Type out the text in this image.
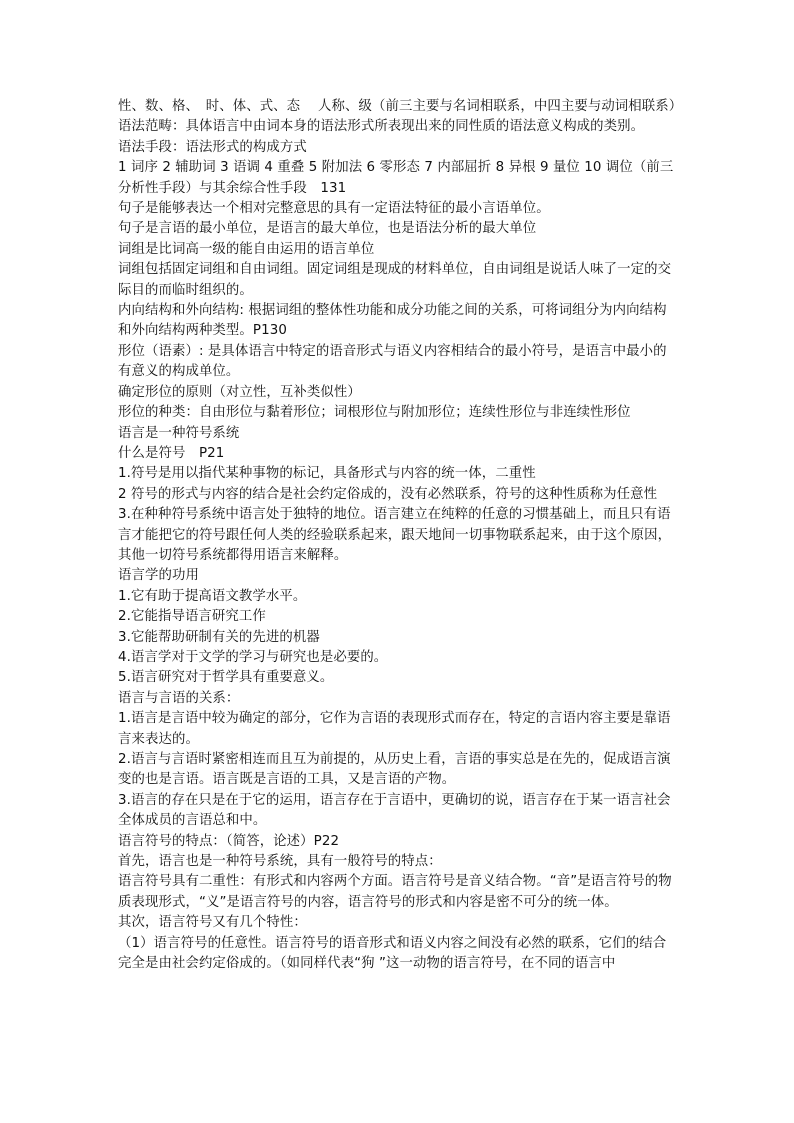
性、数、格、　时、体、式、态　 人称、级（前三主要与名词相联系，中四主要与动词相联系）

语法范畴：具体语言中由词本身的语法形式所表现出来的同性质的语法意义构成的类别。

语法手段：语法形式的构成方式

1 词序 2 辅助词 3 语调 4 重叠 5 附加法 6 零形态 7 内部屈折 8 异根 9 量位 10 调位（前三分析性手段）与其余综合性手段　131

句子是能够表达一个相对完整意思的具有一定语法特征的最小言语单位。

句子是言语的最小单位，是语言的最大单位，也是语法分析的最大单位

词组是比词高一级的能自由运用的语言单位

词组包括固定词组和自由词组。固定词组是现成的材料单位，自由词组是说话人味了一定的交际目的而临时组织的。

内向结构和外向结构: 根据词组的整体性功能和成分功能之间的关系，可将词组分为内向结构和外向结构两种类型。P130

形位（语素）: 是具体语言中特定的语音形式与语义内容相结合的最小符号，是语言中最小的有意义的构成单位。

确定形位的原则（对立性，互补类似性）

形位的种类：自由形位与黏着形位；词根形位与附加形位；连续性形位与非连续性形位

语言是一种符号系统

什么是符号　P21

1.符号是用以指代某种事物的标记，具备形式与内容的统一体，二重性

2 符号的形式与内容的结合是社会约定俗成的，没有必然联系，符号的这种性质称为任意性

3.在种种符号系统中语言处于独特的地位。语言建立在纯粹的任意的习惯基础上，而且只有语言才能把它的符号跟任何人类的经验联系起来，跟天地间一切事物联系起来，由于这个原因，其他一切符号系统都得用语言来解释。

语言学的功用

1.它有助于提高语文教学水平。

2.它能指导语言研究工作

3.它能帮助研制有关的先进的机器

4.语言学对于文学的学习与研究也是必要的。

5.语言研究对于哲学具有重要意义。

语言与言语的关系：

1.语言是言语中较为确定的部分，它作为言语的表现形式而存在，特定的言语内容主要是靠语言来表达的。

2.语言与言语时紧密相连而且互为前提的，从历史上看，言语的事实总是在先的，促成语言演变的也是言语。语言既是言语的工具，又是言语的产物。

3.语言的存在只是在于它的运用，语言存在于言语中，更确切的说，语言存在于某一语言社会全体成员的言语总和中。

语言符号的特点：（简答，论述）P22

首先，语言也是一种符号系统，具有一般符号的特点：

语言符号具有二重性：有形式和内容两个方面。语言符号是音义结合物。“音”是语言符号的物质表现形式，“义”是语言符号的内容，语言符号的形式和内容是密不可分的统一体。

其次，语言符号又有几个特性：

（1）语言符号的任意性。语言符号的语音形式和语义内容之间没有必然的联系，它们的结合完全是由社会约定俗成的。（如同样代表“狗 ”这一动物的语言符号，在不同的语言中
